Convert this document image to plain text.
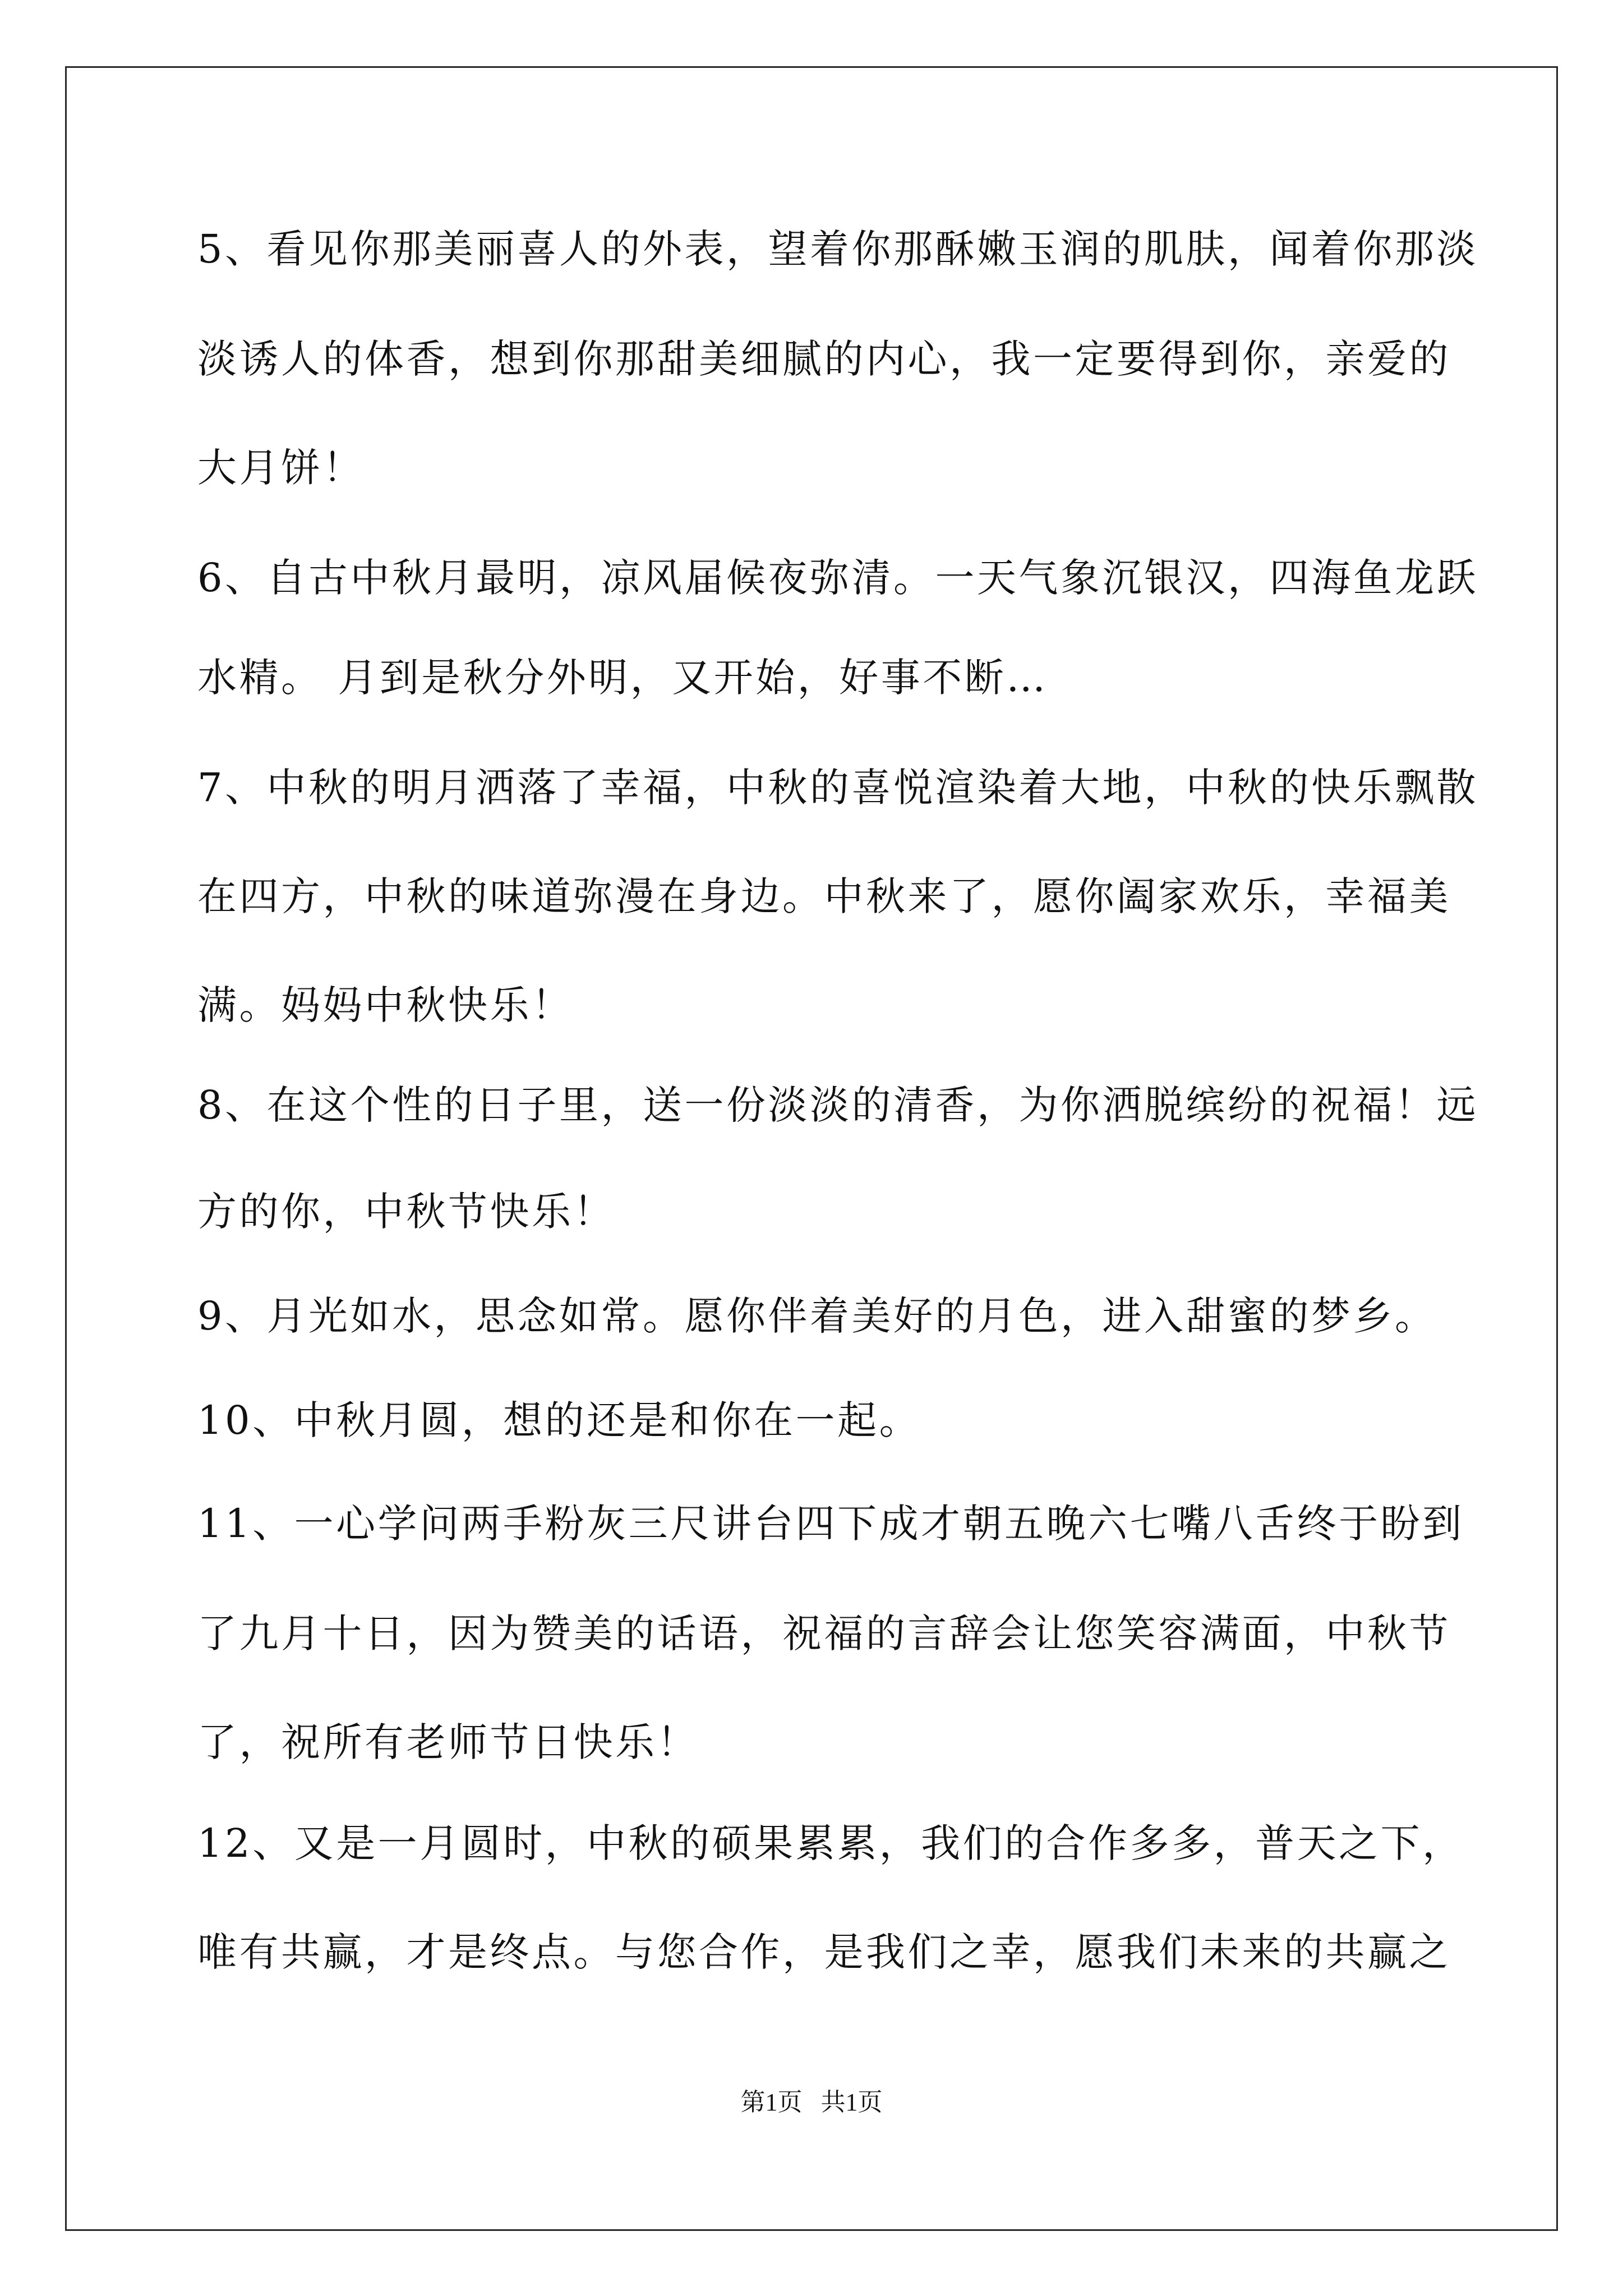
5、看见你那美丽喜人的外表，望着你那酥嫩玉润的肌肤，闻着你那淡

淡诱人的体香，想到你那甜美细腻的内心，我一定要得到你，亲爱的

大月饼！

6、自古中秋月最明，凉风届候夜弥清。一天气象沉银汉，四海鱼龙跃

水精。 月到是秋分外明，又开始，好事不断…

7、中秋的明月洒落了幸福，中秋的喜悦渲染着大地，中秋的快乐飘散

在四方，中秋的味道弥漫在身边。中秋来了，愿你阖家欢乐，幸福美

满。妈妈中秋快乐！

8、在这个性的日子里，送一份淡淡的清香，为你洒脱缤纷的祝福！远

方的你，中秋节快乐！

9、月光如水，思念如常。愿你伴着美好的月色，进入甜蜜的梦乡。

10、中秋月圆，想的还是和你在一起。

11、一心学问两手粉灰三尺讲台四下成才朝五晚六七嘴八舌终于盼到

了九月十日，因为赞美的话语，祝福的言辞会让您笑容满面，中秋节

了，祝所有老师节日快乐！

12、又是一月圆时，中秋的硕果累累，我们的合作多多，普天之下，

唯有共赢，才是终点。与您合作，是我们之幸，愿我们未来的共赢之

第1页   共1页
